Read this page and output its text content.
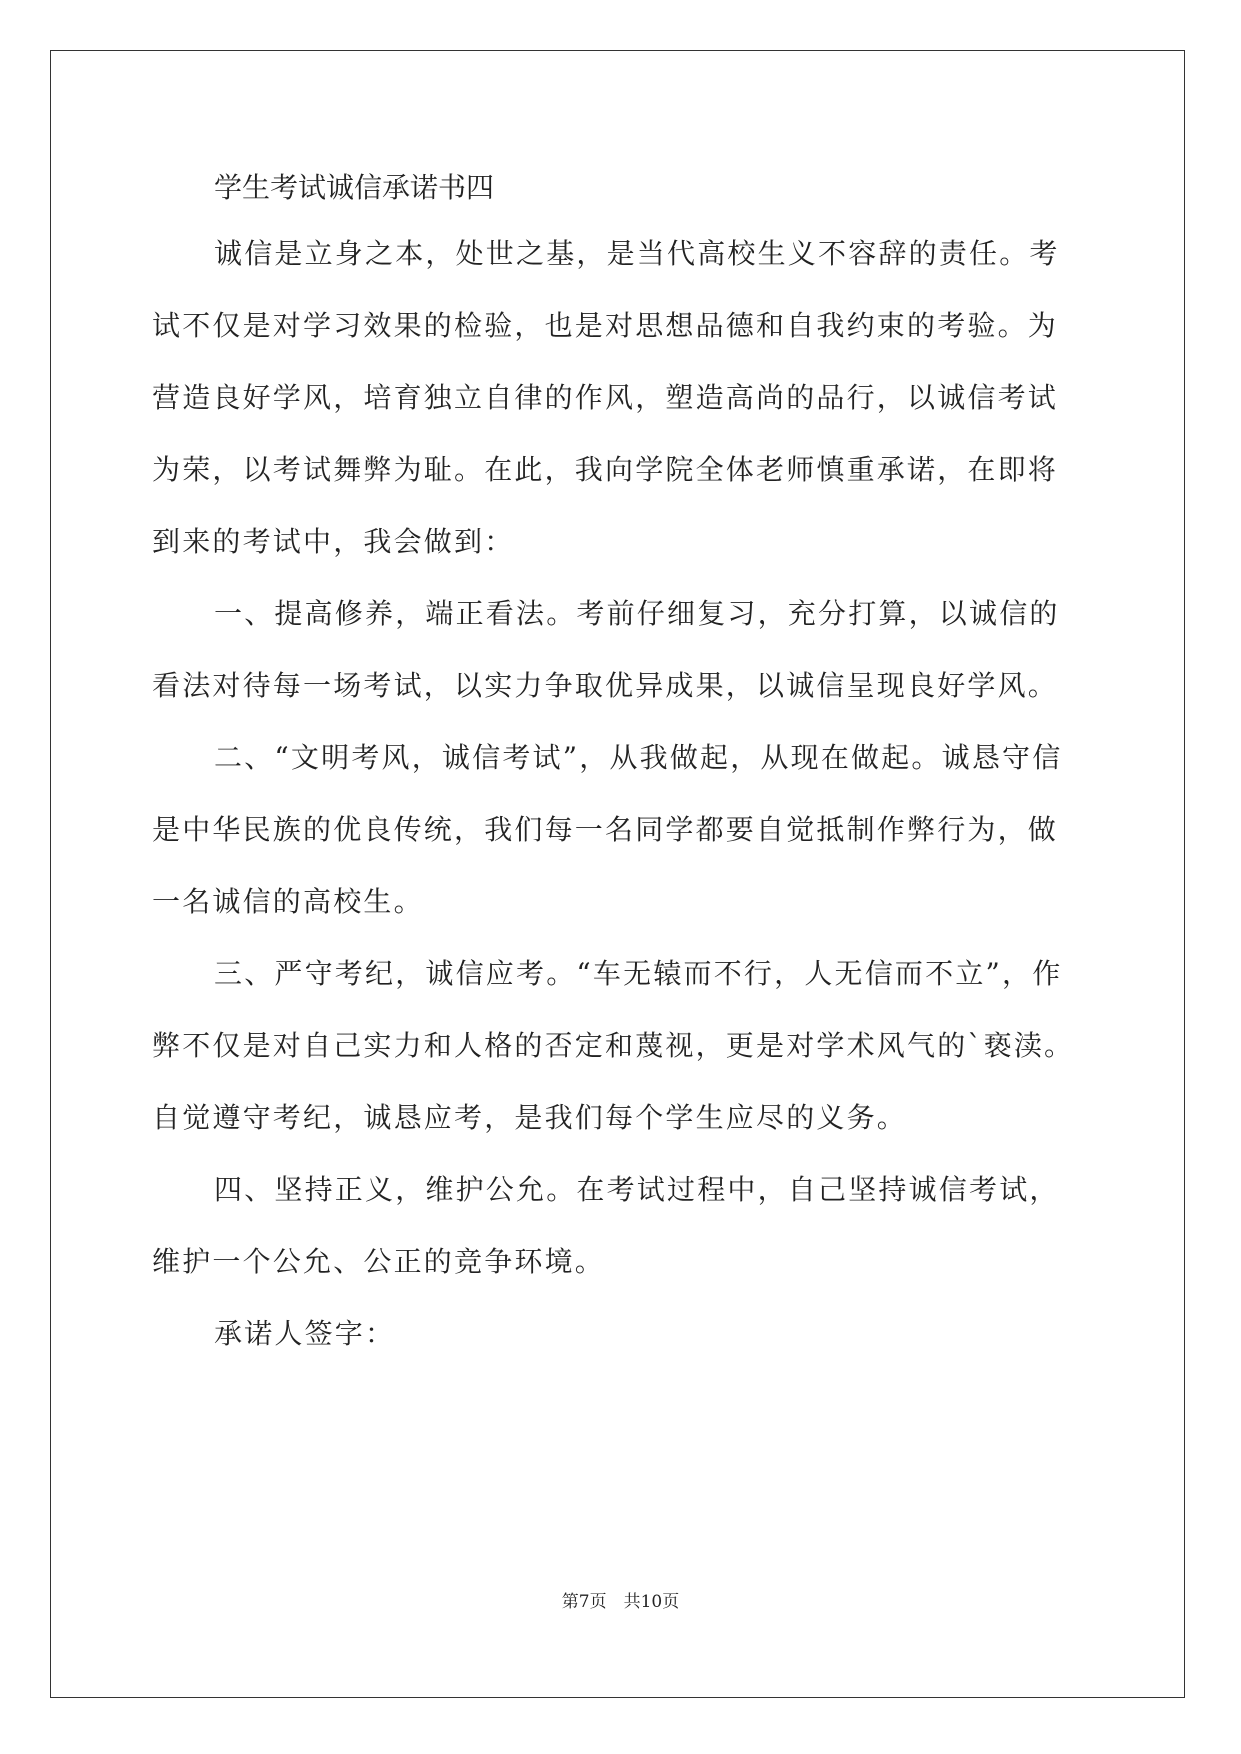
学生考试诚信承诺书四
诚信是立身之本，处世之基，是当代高校生义不容辞的责任。考
试不仅是对学习效果的检验，也是对思想品德和自我约束的考验。为
营造良好学风，培育独立自律的作风，塑造高尚的品行，以诚信考试
为荣，以考试舞弊为耻。在此，我向学院全体老师慎重承诺，在即将
到来的考试中，我会做到：
一、提高修养，端正看法。考前仔细复习，充分打算，以诚信的
看法对待每一场考试，以实力争取优异成果，以诚信呈现良好学风。
二、“文明考风，诚信考试”，从我做起，从现在做起。诚恳守信
是中华民族的优良传统，我们每一名同学都要自觉抵制作弊行为，做
一名诚信的高校生。
三、严守考纪，诚信应考。“车无辕而不行，人无信而不立”，作
弊不仅是对自己实力和人格的否定和蔑视，更是对学术风气的`亵渎。
自觉遵守考纪，诚恳应考，是我们每个学生应尽的义务。
四、坚持正义，维护公允。在考试过程中，自己坚持诚信考试，
维护一个公允、公正的竞争环境。
承诺人签字：
第7页　共10页
